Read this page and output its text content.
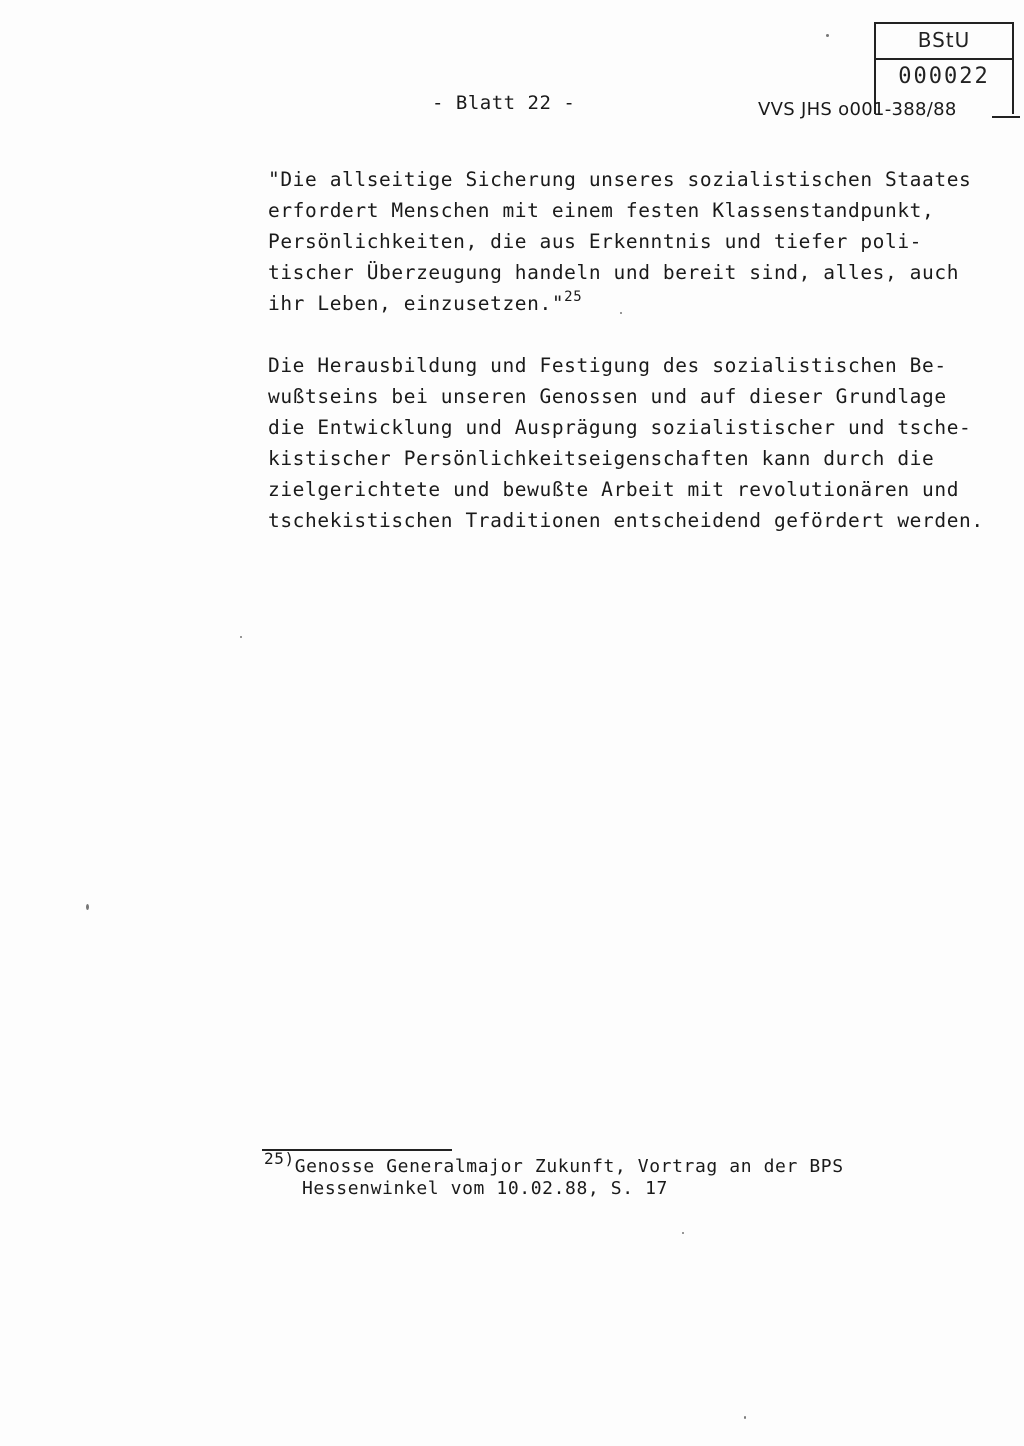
BStU
000022
- Blatt 22 -	VVS JHS o001-388/88

"Die allseitige Sicherung unseres sozialistischen Staates
erfordert Menschen mit einem festen Klassenstandpunkt,
Persönlichkeiten, die aus Erkenntnis und tiefer poli-
tischer Überzeugung handeln und bereit sind, alles, auch
ihr Leben, einzusetzen."$^{25}$

Die Herausbildung und Festigung des sozialistischen Be-
wußtseins bei unseren Genossen und auf dieser Grundlage
die Entwicklung und Ausprägung sozialistischer und tsche-
kistischer Persönlichkeitseigenschaften kann durch die
zielgerichtete und bewußte Arbeit mit revolutionären und
tschekistischen Traditionen entscheidend gefördert werden.

25)Genosse Generalmajor Zukunft, Vortrag an der BPS
Hessenwinkel vom 10.02.88, S. 17
